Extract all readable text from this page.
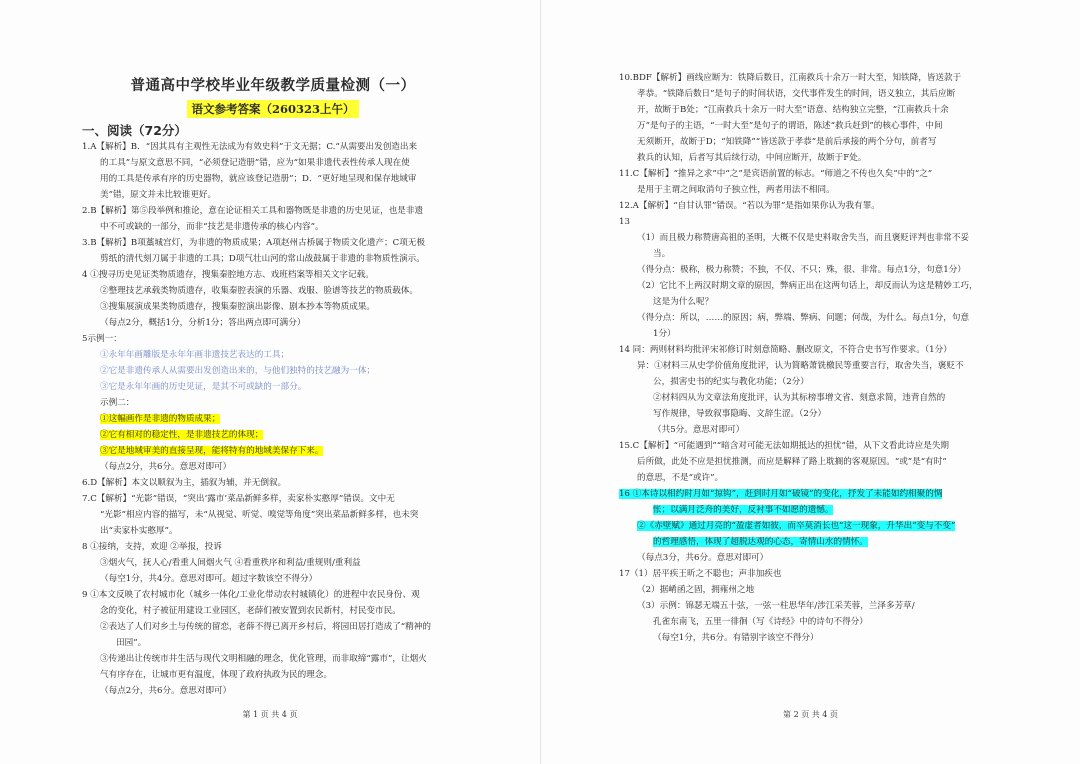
普通高中学校毕业年级教学质量检测（一）
语文参考答案（260323上午）
一、阅读（72分）
1.A【解析】B．“因其具有主观性无法成为有效史料”于文无据；C.“从需要出发创造出来
的工具”与原文意思不同，“必须登记造册”错，应为“如果非遗代表性传承人现在使
用的工具是传承有序的历史器物，就应该登记造册”；D．“更好地呈现和保存地域审
美”错，原文并未比较谁更好。
2.B【解析】第⑤段举例和推论，意在论证相关工具和器物既是非遗的历史见证，也是非遗
中不可或缺的一部分，而非“技艺是非遗传承的核心内容”。
3.B【解析】B项藁城宫灯，为非遗的物质成果；A项赵州古桥属于物质文化遗产；C项无极
剪纸的清代刻刀属于非遗的工具；D项气壮山河的常山战鼓属于非遗的非物质性演示。
4 ①搜寻历史见证类物质遗存，搜集秦腔地方志、戏班档案等相关文字记载。
②整理技艺承载类物质遗存，收集秦腔表演的乐器、戏服、脸谱等技艺的物质载体。
③搜集展演成果类物质遗存，搜集秦腔演出影像、剧本抄本等物质成果。
（每点2分，概括1分，分析1分；答出两点即可满分）
5示例一：
①永年年画雕版是永年年画非遗技艺表达的工具；
②它是非遗传承人从需要出发创造出来的，与他们独特的技艺融为一体；
③它是永年年画的历史见证，是其不可或缺的一部分。
示例二：
①这幅画作是非遗的物质成果；
②它有相对的稳定性，是非遗技艺的体现；
③它是地域审美的直接呈现，能将特有的地域美保存下来。
（每点2分，共6分。意思对即可）
6.D【解析】本文以顺叙为主，插叙为辅，并无倒叙。
7.C【解析】“光影”错误，“突出‘露市’菜品新鲜多样，卖家朴实憨厚”错误。文中无
“光影”相应内容的描写，未“从视觉、听觉、嗅觉等角度”突出菜品新鲜多样，也未突
出“卖家朴实憨厚”。
8 ①接纳，支持，欢迎 ②举报，投诉
③烟火气，抚人心/看重人间烟火气 ④看重秩序和利益/重规则/重利益
（每空1分，共4分。意思对即可。超过字数该空不得分）
9 ①本文反映了农村城市化（城乡一体化/工业化带动农村城镇化）的进程中农民身份、观
念的变化，村子被征用建设工业园区，老薛们被安置到农民新村，村民变市民。
②表达了人们对乡土与传统的留恋，老薛不得已离开乡村后，将园田居打造成了“精神的
田园”。
③传递出让传统市井生活与现代文明相融的理念，优化管理，而非取缔“露市”，让烟火
气有序存在，让城市更有温度，体现了政府执政为民的理念。
（每点2分，共6分。意思对即可）
第 1 页 共 4 页
10.BDF【解析】画线应断为：铁降后数日，江南救兵十余万一时大至，知铁降，皆送款于
孝恭。“铁降后数日”是句子的时间状语，交代事件发生的时间，语义独立，其后应断
开，故断于B处；“江南救兵十余万一时大至”语意、结构独立完整，“江南救兵十余
万”是句子的主语，“一时大至”是句子的谓语，陈述“救兵赶到”的核心事件，中间
无须断开，故断于D；“知铁降”“皆送款于孝恭”是前后承接的两个分句，前者写
救兵的认知，后者写其后续行动，中间应断开，故断于F处。
11.C【解析】“推异之求”中“之”是宾语前置的标志。“师道之不传也久矣”中的“之”
是用于主谓之间取消句子独立性，两者用法不相同。
12.A【解析】“自甘认罪”错误。“若以为罪”是指如果你认为我有罪。
13
（1）而且极力称赞唐高祖的圣明，大概不仅是史料取舍失当，而且褒贬评判也非常不妥
当。
（得分点：极称，极力称赞；不独，不仅、不只；殊，很、非常。每点1分，句意1分）
（2）它比不上两汉时期文章的原因，弊病正出在这两句话上，却反而认为这是精妙工巧，
这是为什么呢？
（得分点：所以，……的原因；病，弊端、弊病、问题；何哉，为什么。每点1分，句意
1分）
14 同：两则材料均批评宋祁修订时刻意简略、删改原文，不符合史书写作要求。（1分）
异：①材料三从史学价值角度批评，认为简略萧铣檄民等重要言行，取舍失当，褒贬不
公，损害史书的纪实与教化功能；（2分）
②材料四从为文章法角度批评，认为其标榜事增文省、刻意求简，违背自然的
写作规律，导致叙事隐晦、文辞生涩。（2分）
（共5分。意思对即可）
15.C【解析】“可能遇到”“暗含对可能无法如期抵达的担忧”错，从下文看此诗应是失期
后所做，此处不应是担忧推测，而应是解释了路上耽搁的客观原因。“或”是“有时”
的意思，不是“或许”。
16 ①本诗以相约时月如“掠钩”，赶到时月如“破镜”的变化，抒发了未能如约相聚的惆
怅；以满月泛舟的美好，反衬事不如愿的遗憾。
②《赤壁赋》通过月亮的“盈虚者如彼，而卒莫消长也”这一现象，升华出“变与不变”
的哲理感悟，体现了超脱达观的心态，寄情山水的情怀。
（每点3分，共6分。意思对即可）
17（1）居平疾王昕之不聪也；声非加疾也
（2）据崤函之固，拥雍州之地
（3）示例：锦瑟无端五十弦，一弦一柱思华年/涉江采芙蓉，兰泽多芳草/
孔雀东南飞，五里一徘徊（写《诗经》中的诗句不得分）
（每空1分，共6分。有错别字该空不得分）
第 2 页 共 4 页
